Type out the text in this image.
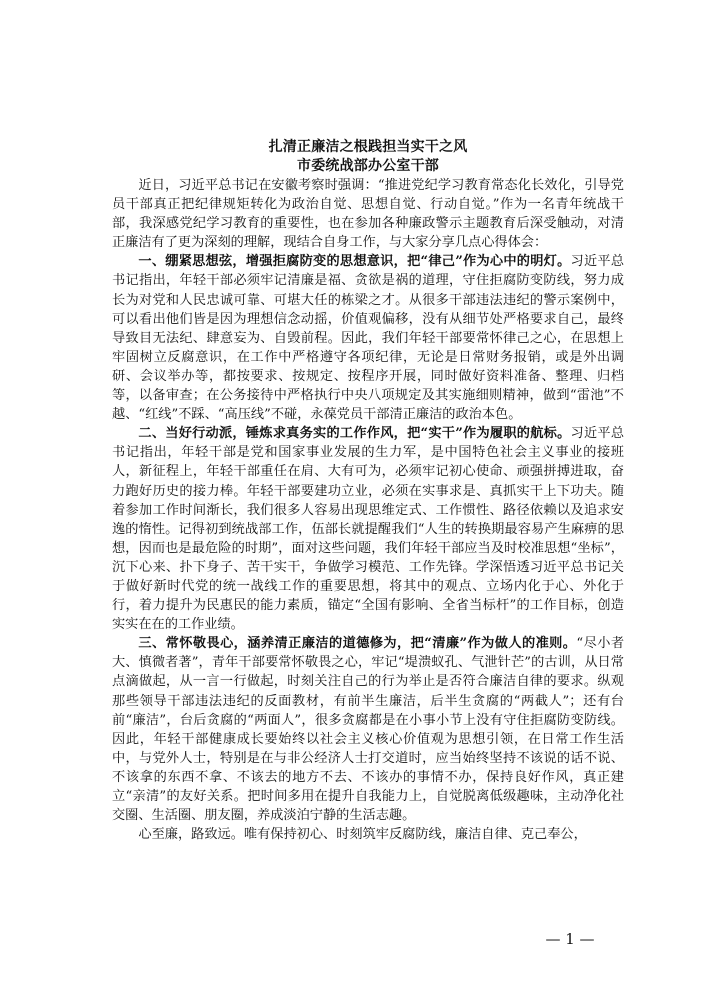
扎清正廉洁之根践担当实干之风
市委统战部办公室干部

近日，习近平总书记在安徽考察时强调：“推进党纪学习教育常态化长效化，引导党员干部真正把纪律规矩转化为政治自觉、思想自觉、行动自觉。”作为一名青年统战干部，我深感党纪学习教育的重要性，也在参加各种廉政警示主题教育后深受触动，对清正廉洁有了更为深刻的理解，现结合自身工作，与大家分享几点心得体会：

一、绷紧思想弦，增强拒腐防变的思想意识，把“律己”作为心中的明灯。习近平总书记指出，年轻干部必须牢记清廉是福、贪欲是祸的道理，守住拒腐防变防线，努力成长为对党和人民忠诚可靠、可堪大任的栋梁之才。从很多干部违法违纪的警示案例中，可以看出他们皆是因为理想信念动摇，价值观偏移，没有从细节处严格要求自己，最终导致目无法纪、肆意妄为、自毁前程。因此，我们年轻干部要常怀律己之心，在思想上牢固树立反腐意识，在工作中严格遵守各项纪律，无论是日常财务报销，或是外出调研、会议举办等，都按要求、按规定、按程序开展，同时做好资料准备、整理、归档等，以备审查；在公务接待中严格执行中央八项规定及其实施细则精神，做到“雷池”不越、“红线”不踩、“高压线”不碰，永葆党员干部清正廉洁的政治本色。

二、当好行动派，锤炼求真务实的工作作风，把“实干”作为履职的航标。习近平总书记指出，年轻干部是党和国家事业发展的生力军，是中国特色社会主义事业的接班人，新征程上，年轻干部重任在肩、大有可为，必须牢记初心使命、顽强拼搏进取，奋力跑好历史的接力棒。年轻干部要建功立业，必须在实事求是、真抓实干上下功夫。随着参加工作时间渐长，我们很多人容易出现思维定式、工作惯性、路径依赖以及追求安逸的惰性。记得初到统战部工作，伍部长就提醒我们“人生的转换期最容易产生麻痹的思想，因而也是最危险的时期”，面对这些问题，我们年轻干部应当及时校准思想“坐标”，沉下心来、扑下身子、苦干实干，争做学习模范、工作先锋。学深悟透习近平总书记关于做好新时代党的统一战线工作的重要思想，将其中的观点、立场内化于心、外化于行，着力提升为民惠民的能力素质，锚定“全国有影响、全省当标杆”的工作目标，创造实实在在的工作业绩。

三、常怀敬畏心，涵养清正廉洁的道德修为，把“清廉”作为做人的准则。“尽小者大、慎微者著”，青年干部要常怀敬畏之心，牢记“堤溃蚁孔、气泄针芒”的古训，从日常点滴做起，从一言一行做起，时刻关注自己的行为举止是否符合廉洁自律的要求。纵观那些领导干部违法违纪的反面教材，有前半生廉洁，后半生贪腐的“两截人”；还有台前“廉洁”，台后贪腐的“两面人”，很多贪腐都是在小事小节上没有守住拒腐防变防线。因此，年轻干部健康成长要始终以社会主义核心价值观为思想引领，在日常工作生活中，与党外人士，特别是在与非公经济人士打交道时，应当始终坚持不该说的话不说、不该拿的东西不拿、不该去的地方不去、不该办的事情不办，保持良好作风，真正建立“亲清”的友好关系。把时间多用在提升自我能力上，自觉脱离低级趣味，主动净化社交圈、生活圈、朋友圈，养成淡泊宁静的生活志趣。

心至廉，路致远。唯有保持初心、时刻筑牢反腐防线，廉洁自律、克己奉公，

— 1 —
